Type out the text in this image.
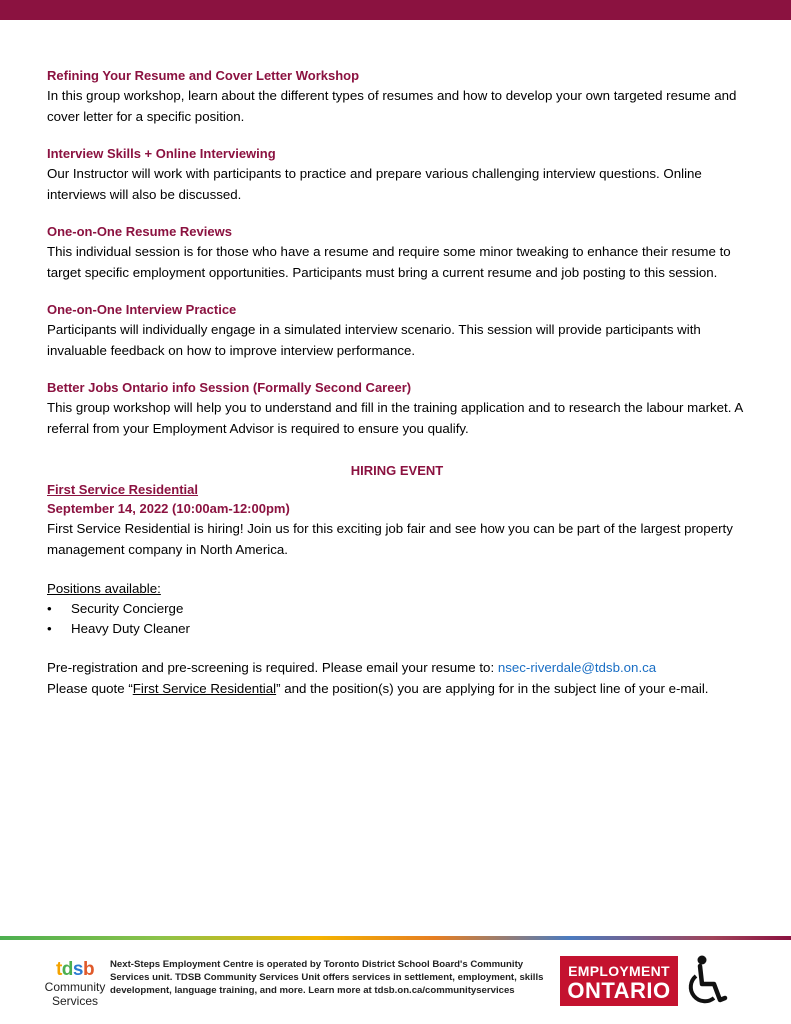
Refining Your Resume and Cover Letter Workshop

In this group workshop, learn about the different types of resumes and how to develop your own targeted resume and cover letter for a specific position.

Interview Skills + Online Interviewing

Our Instructor will work with participants to practice and prepare various challenging interview questions. Online interviews will also be discussed.

One-on-One Resume Reviews

This individual session is for those who have a resume and require some minor tweaking to enhance their resume to target specific employment opportunities. Participants must bring a current resume and job posting to this session.

One-on-One Interview Practice

Participants will individually engage in a simulated interview scenario. This session will provide participants with invaluable feedback on how to improve interview performance.

Better Jobs Ontario info Session (Formally Second Career)

This group workshop will help you to understand and fill in the training application and to research the labour market. A referral from your Employment Advisor is required to ensure you qualify.

HIRING EVENT
First Service Residential
September 14, 2022 (10:00am-12:00pm)

First Service Residential is hiring! Join us for this exciting job fair and see how you can be part of the largest property management company in North America.

Positions available:
• Security Concierge
• Heavy Duty Cleaner

Pre-registration and pre-screening is required. Please email your resume to: nsec-riverdale@tdsb.on.ca
Please quote “First Service Residential” and the position(s) you are applying for in the subject line of your e-mail.

tdsb
Community
Services
Next-Steps Employment Centre is operated by Toronto District School Board's Community Services unit. TDSB Community Services Unit offers services in settlement, employment, skills development, language training, and more. Learn more at tdsb.on.ca/communityservices
EMPLOYMENT
ONTARIO
